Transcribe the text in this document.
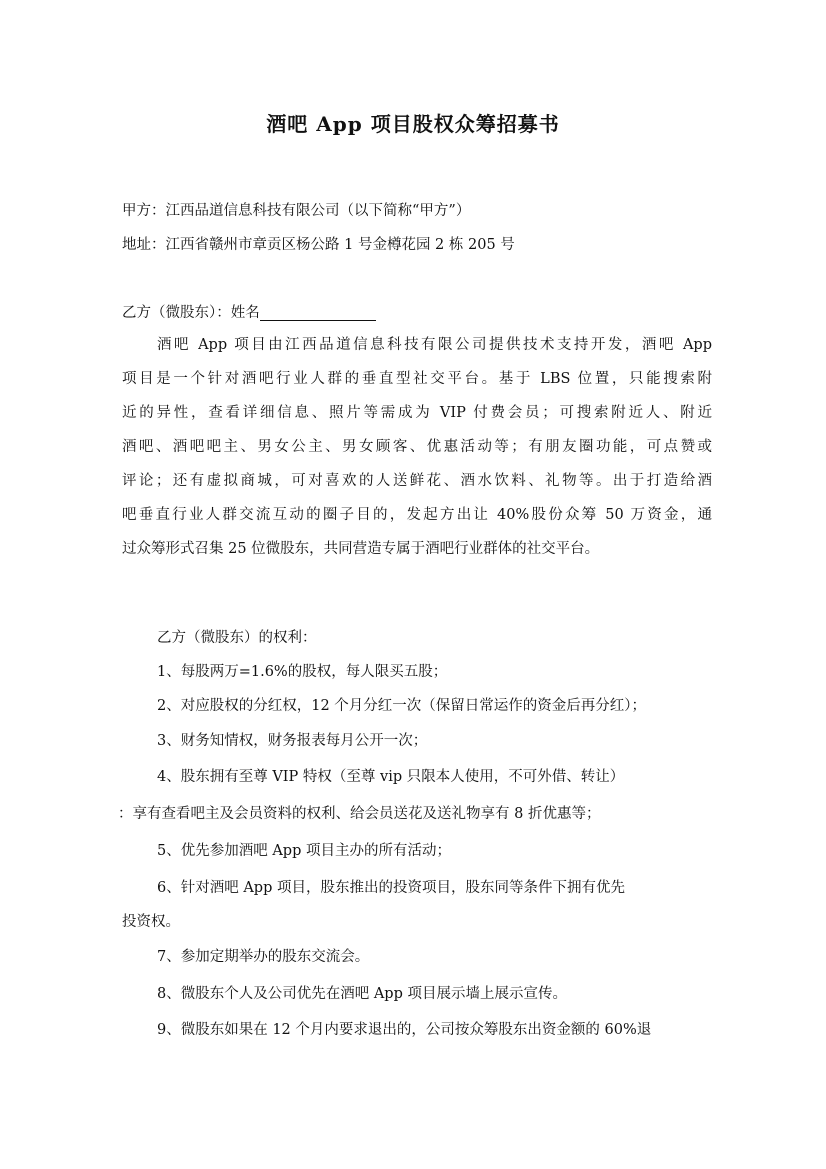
酒吧 App 项目股权众筹招募书
甲方：江西品道信息科技有限公司（以下简称“甲方”）
地址：江西省赣州市章贡区杨公路 1 号金樽花园 2 栋 205 号
乙方（微股东）：姓名
酒吧 App 项目由江西品道信息科技有限公司提供技术支持开发，酒吧 App
项目是一个针对酒吧行业人群的垂直型社交平台。基于 LBS 位置，只能搜索附
近的异性，查看详细信息、照片等需成为 VIP 付费会员；可搜索附近人、附近
酒吧、酒吧吧主、男女公主、男女顾客、优惠活动等；有朋友圈功能，可点赞或
评论；还有虚拟商城，可对喜欢的人送鲜花、酒水饮料、礼物等。出于打造给酒
吧垂直行业人群交流互动的圈子目的，发起方出让 40%股份众筹 50 万资金，通
过众筹形式召集 25 位微股东，共同营造专属于酒吧行业群体的社交平台。
乙方（微股东）的权利：
1、每股两万=1.6%的股权，每人限买五股；
2、对应股权的分红权，12 个月分红一次（保留日常运作的资金后再分红）；
3、财务知情权，财务报表每月公开一次；
4、股东拥有至尊 VIP 特权（至尊 vip 只限本人使用，不可外借、转让）
：享有查看吧主及会员资料的权利、给会员送花及送礼物享有 8 折优惠等；
5、优先参加酒吧 App 项目主办的所有活动；
6、针对酒吧 App 项目，股东推出的投资项目，股东同等条件下拥有优先
投资权。
7、参加定期举办的股东交流会。
8、微股东个人及公司优先在酒吧 App 项目展示墙上展示宣传。
9、微股东如果在 12 个月内要求退出的，公司按众筹股东出资金额的 60%退
